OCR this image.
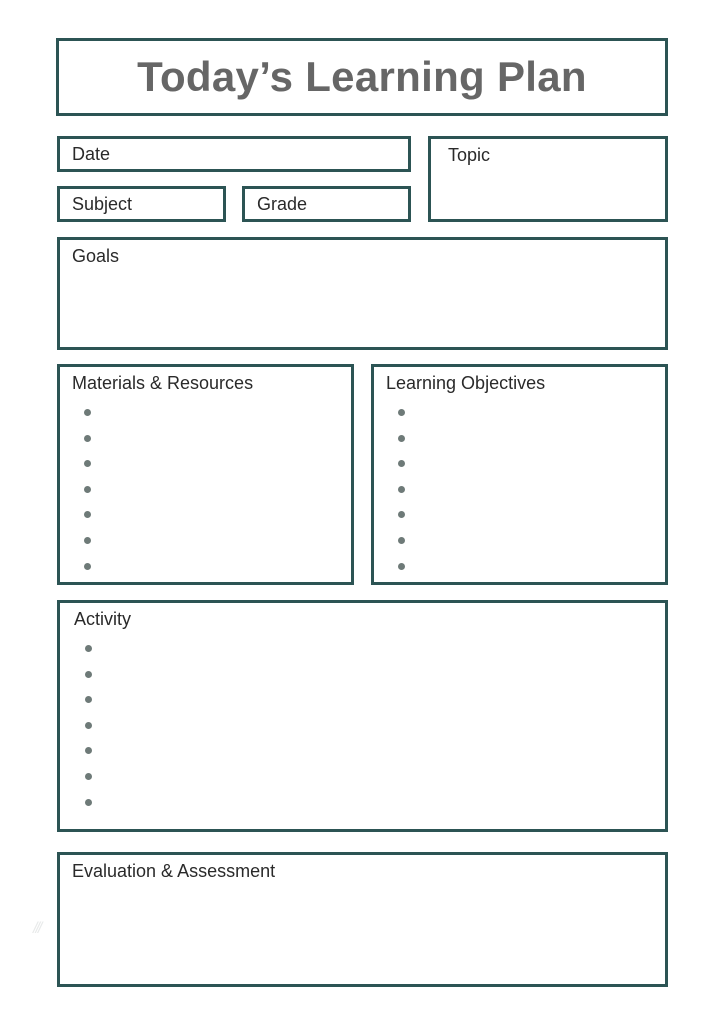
Today’s Learning Plan
Date	Topic
Subject	Grade
Goals
Materials & Resources	Learning Objectives
Activity
Evaluation & Assessment
///
